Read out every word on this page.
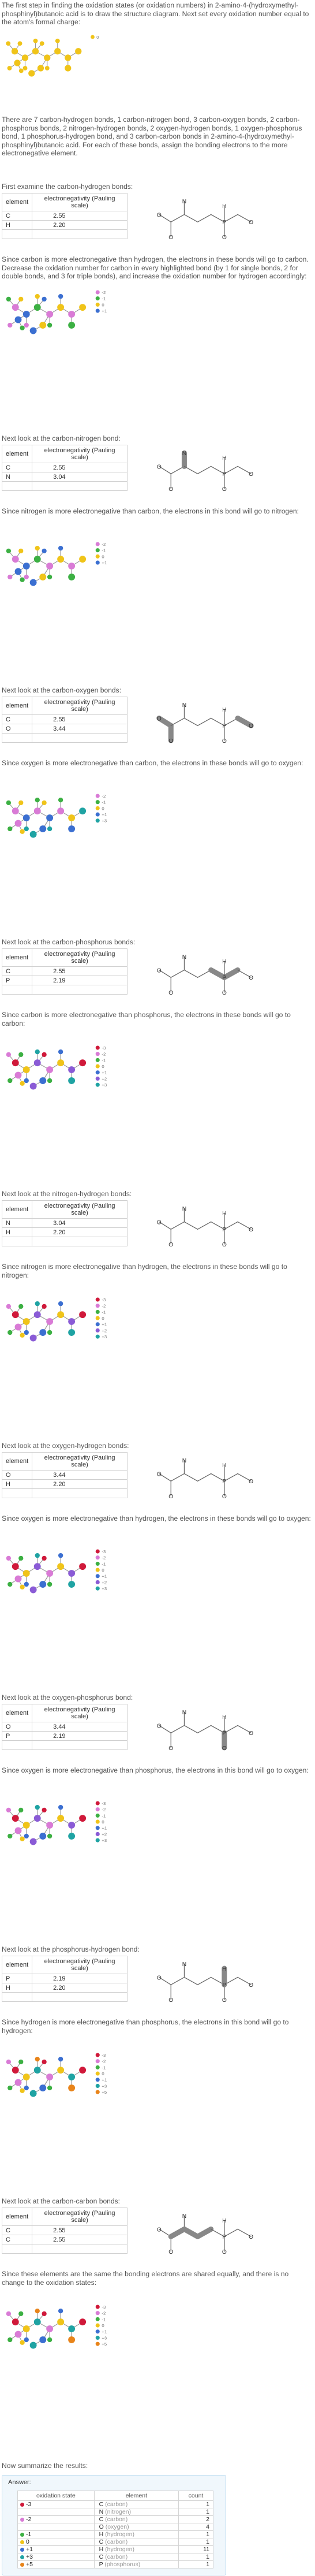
The first step in finding the oxidation states (or oxidation numbers) in 2-amino-4-(hydroxymethyl-phosphinyl)butanoic acid is to draw the structure diagram. Next set every oxidation number equal to the atom's formal charge:
There are 7 carbon-hydrogen bonds, 1 carbon-nitrogen bond, 3 carbon-oxygen bonds, 2 carbon-phosphorus bonds, 2 nitrogen-hydrogen bonds, 2 oxygen-hydrogen bonds, 1 oxygen-phosphorus bond, 1 phosphorus-hydrogen bond, and 3 carbon-carbon bonds in 2-amino-4-(hydroxymethyl-phosphinyl)butanoic acid. For each of these bonds, assign the bonding electrons to the more electronegative element.
Now summarize the results:
Answer:
oxidation state	element	count
-3	C (carbon)	1
	N (nitrogen)	1
-2	C (carbon)	2
	O (oxygen)	4
-1	H (hydrogen)	1
0	C (carbon)	1
+1	H (hydrogen)	11
+3	C (carbon)	1
+5	P (phosphorus)	1
0
First examine the carbon-hydrogen bonds:
element	electronegativity (Pauling scale)
C	2.55
H	2.20

O
O
N
P
O
O
H
Since carbon is more electronegative than hydrogen, the electrons in these bonds will go to carbon. Decrease the oxidation number for carbon in every highlighted bond (by 1 for single bonds, 2 for double bonds, and 3 for triple bonds), and increase the oxidation number for hydrogen accordingly:
-2
-1
0
+1
Next look at the carbon-nitrogen bond:
element	electronegativity (Pauling scale)
C	2.55
N	3.04

O
O
N
P
O
O
H
Since nitrogen is more electronegative than carbon, the electrons in this bond will go to nitrogen:
-2
-1
0
+1
Next look at the carbon-oxygen bonds:
element	electronegativity (Pauling scale)
C	2.55
O	3.44

O
O
N
P
O
O
H
Since oxygen is more electronegative than carbon, the electrons in these bonds will go to oxygen:
-2
-1
0
+1
+3
Next look at the carbon-phosphorus bonds:
element	electronegativity (Pauling scale)
C	2.55
P	2.19

O
O
N
P
O
O
H
Since carbon is more electronegative than phosphorus, the electrons in these bonds will go to carbon:
-3
-2
-1
0
+1
+2
+3
Next look at the nitrogen-hydrogen bonds:
element	electronegativity (Pauling scale)
N	3.04
H	2.20

O
O
N
P
O
O
H
Since nitrogen is more electronegative than hydrogen, the electrons in these bonds will go to nitrogen:
-3
-2
-1
0
+1
+2
+3
Next look at the oxygen-hydrogen bonds:
element	electronegativity (Pauling scale)
O	3.44
H	2.20

O
O
N
P
O
O
H
Since oxygen is more electronegative than hydrogen, the electrons in these bonds will go to oxygen:
-3
-2
-1
0
+1
+2
+3
Next look at the oxygen-phosphorus bond:
element	electronegativity (Pauling scale)
O	3.44
P	2.19

O
O
N
P
O
O
H
Since oxygen is more electronegative than phosphorus, the electrons in this bond will go to oxygen:
-3
-2
-1
0
+1
+2
+3
Next look at the phosphorus-hydrogen bond:
element	electronegativity (Pauling scale)
P	2.19
H	2.20

O
O
N
P
O
O
H
Since hydrogen is more electronegative than phosphorus, the electrons in this bond will go to hydrogen:
-3
-2
-1
0
+1
+3
+5
Next look at the carbon-carbon bonds:
element	electronegativity (Pauling scale)
C	2.55
C	2.55

O
O
N
P
O
O
H
Since these elements are the same the bonding electrons are shared equally, and there is no change to the oxidation states:
-3
-2
-1
0
+1
+3
+5
